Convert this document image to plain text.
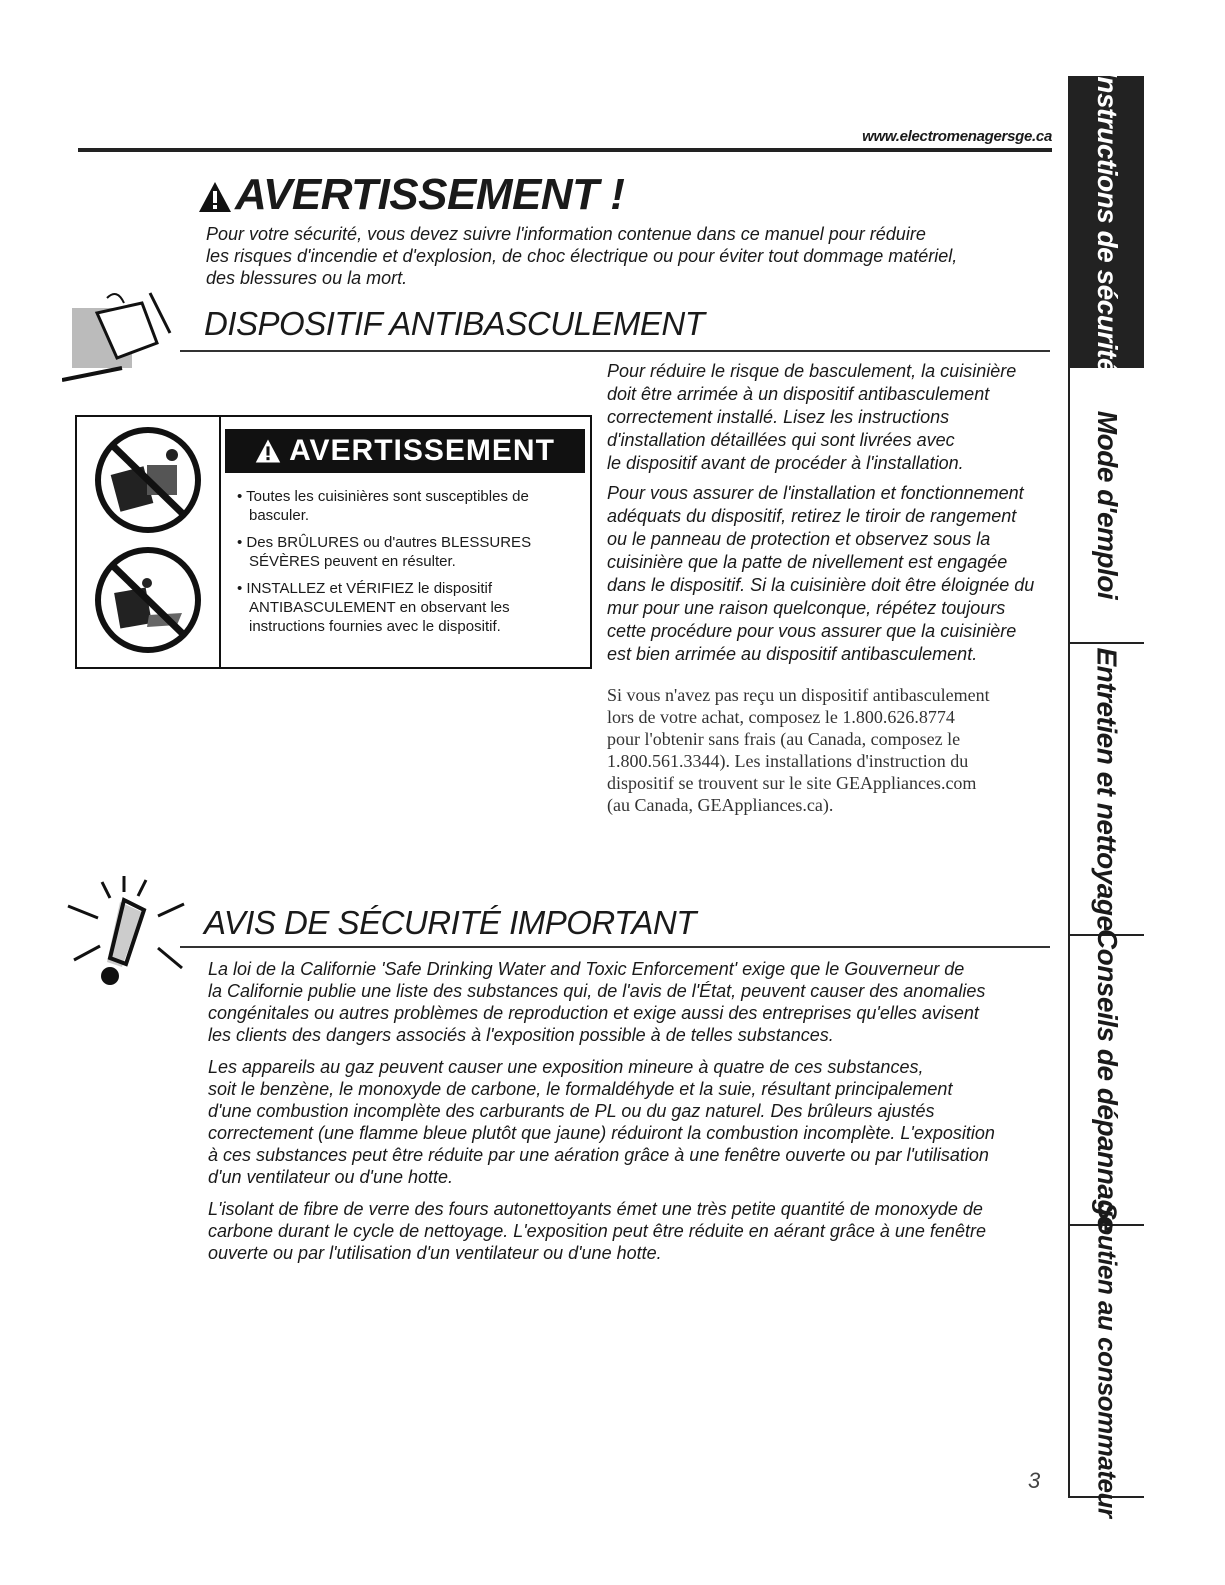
www.electromenagersge.ca
AVERTISSEMENT !
Pour votre sécurité, vous devez suivre l'information contenue dans ce manuel pour réduire
les risques d'incendie et d'explosion, de choc électrique ou pour éviter tout dommage matériel,
des blessures ou la mort.
DISPOSITIF ANTIBASCULEMENT

Pour réduire le risque de basculement, la cuisinière
doit être arrimée à un dispositif antibasculement
correctement installé. Lisez les instructions
d'installation détaillées qui sont livrées avec
le dispositif avant de procéder à l'installation.

Pour vous assurer de l'installation et fonctionnement
adéquats du dispositif, retirez le tiroir de rangement
ou le panneau de protection et observez sous la
cuisinière que la patte de nivellement est engagée
dans le dispositif. Si la cuisinière doit être éloignée du
mur pour une raison quelconque, répétez toujours
cette procédure pour vous assurer que la cuisinière
est bien arrimée au dispositif antibasculement.

Si vous n'avez pas reçu un dispositif antibasculement
lors de votre achat, composez le 1.800.626.8774
pour l'obtenir sans frais (au Canada, composez le
1.800.561.3344). Les installations d'instruction du
dispositif se trouvent sur le site GEAppliances.com
(au Canada, GEAppliances.ca).
AVERTISSEMENT
• Toutes les cuisinières sont susceptibles de basculer.
• Des BRÛLURES ou d'autres BLESSURES SÉVÈRES peuvent en résulter.
• INSTALLEZ et VÉRIFIEZ le dispositif ANTIBASCULEMENT en observant les instructions fournies avec le dispositif.
AVIS DE SÉCURITÉ IMPORTANT

La loi de la Californie 'Safe Drinking Water and Toxic Enforcement' exige que le Gouverneur de
la Californie publie une liste des substances qui, de l'avis de l'État, peuvent causer des anomalies
congénitales ou autres problèmes de reproduction et exige aussi des entreprises qu'elles avisent
les clients des dangers associés à l'exposition possible à de telles substances.

Les appareils au gaz peuvent causer une exposition mineure à quatre de ces substances,
soit le benzène, le monoxyde de carbone, le formaldéhyde et la suie, résultant principalement
d'une combustion incomplète des carburants de PL ou du gaz naturel. Des brûleurs ajustés
correctement (une flamme bleue plutôt que jaune) réduiront la combustion incomplète. L'exposition
à ces substances peut être réduite par une aération grâce à une fenêtre ouverte ou par l'utilisation
d'un ventilateur ou d'une hotte.

L'isolant de fibre de verre des fours autonettoyants émet une très petite quantité de monoxyde de
carbone durant le cycle de nettoyage. L'exposition peut être réduite en aérant grâce à une fenêtre
ouverte ou par l'utilisation d'un ventilateur ou d'une hotte.

Instructions de sécurité
Mode d'emploi
Entretien et nettoyage
Conseils de dépannage
Soutien au consommateur
3
